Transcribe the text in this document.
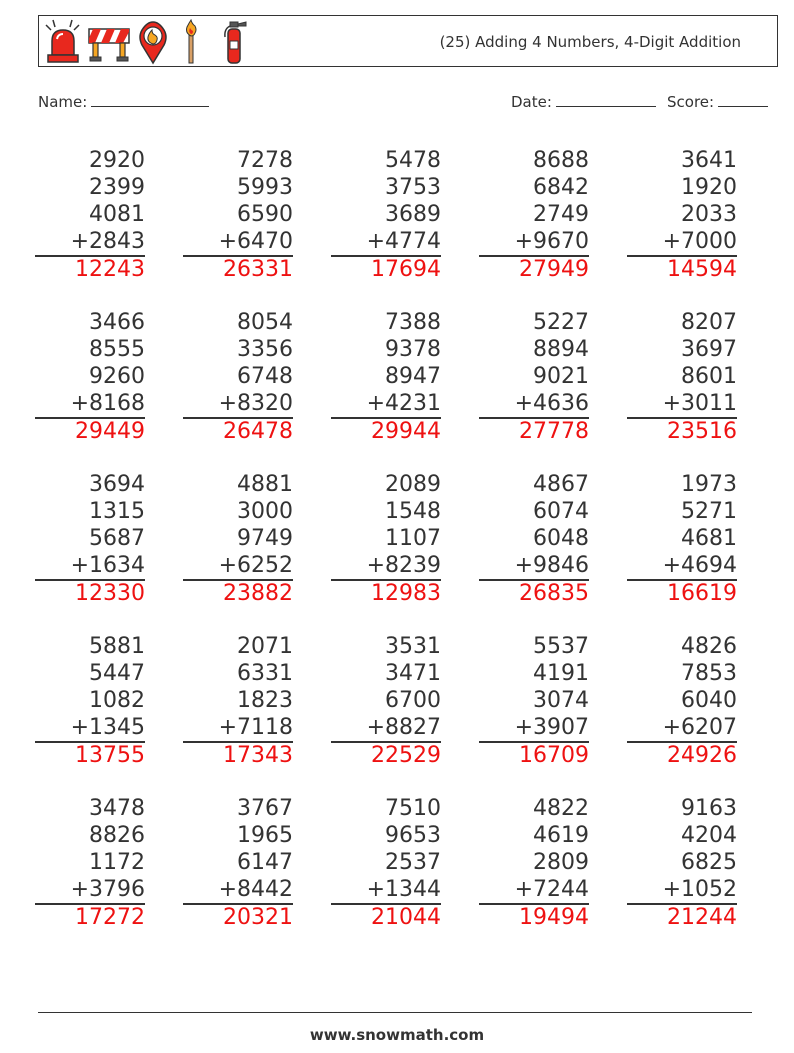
(25) Adding 4 Numbers, 4-Digit Addition
Name:	Date:	Score:
2920
2399
4081
+2843
12243
7278
5993
6590
+6470
26331
5478
3753
3689
+4774
17694
8688
6842
2749
+9670
27949
3641
1920
2033
+7000
14594
3466
8555
9260
+8168
29449
8054
3356
6748
+8320
26478
7388
9378
8947
+4231
29944
5227
8894
9021
+4636
27778
8207
3697
8601
+3011
23516
3694
1315
5687
+1634
12330
4881
3000
9749
+6252
23882
2089
1548
1107
+8239
12983
4867
6074
6048
+9846
26835
1973
5271
4681
+4694
16619
5881
5447
1082
+1345
13755
2071
6331
1823
+7118
17343
3531
3471
6700
+8827
22529
5537
4191
3074
+3907
16709
4826
7853
6040
+6207
24926
3478
8826
1172
+3796
17272
3767
1965
6147
+8442
20321
7510
9653
2537
+1344
21044
4822
4619
2809
+7244
19494
9163
4204
6825
+1052
21244
www.snowmath.com
